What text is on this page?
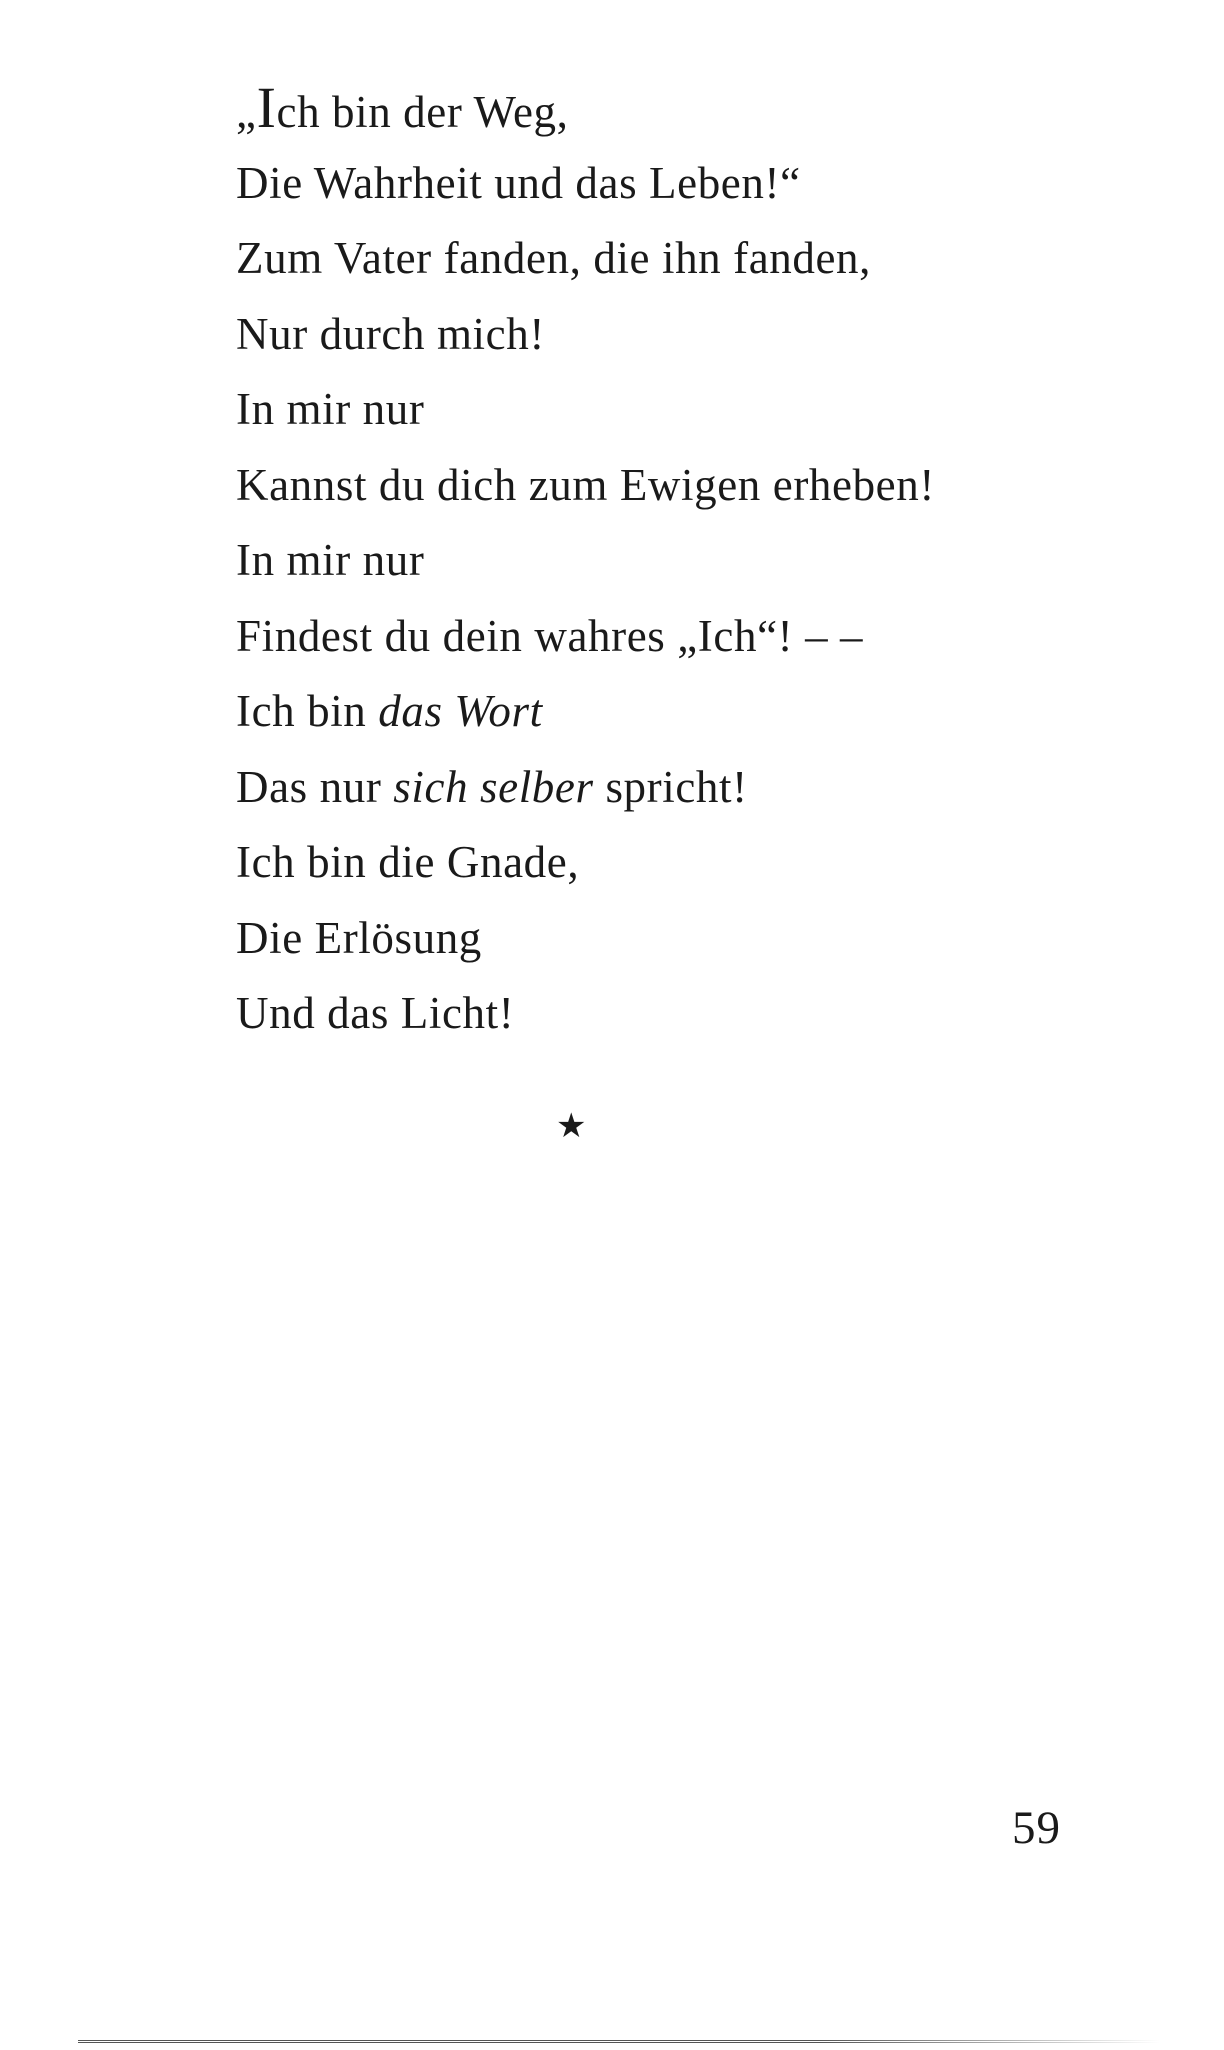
„Ich bin der Weg,
Die Wahrheit und das Leben!“
Zum Vater fanden, die ihn fanden,
Nur durch mich!
In mir nur
Kannst du dich zum Ewigen erheben!
In mir nur
Findest du dein wahres „Ich“! – –
Ich bin das Wort
Das nur sich selber spricht!
Ich bin die Gnade,
Die Erlösung
Und das Licht!
★
59
